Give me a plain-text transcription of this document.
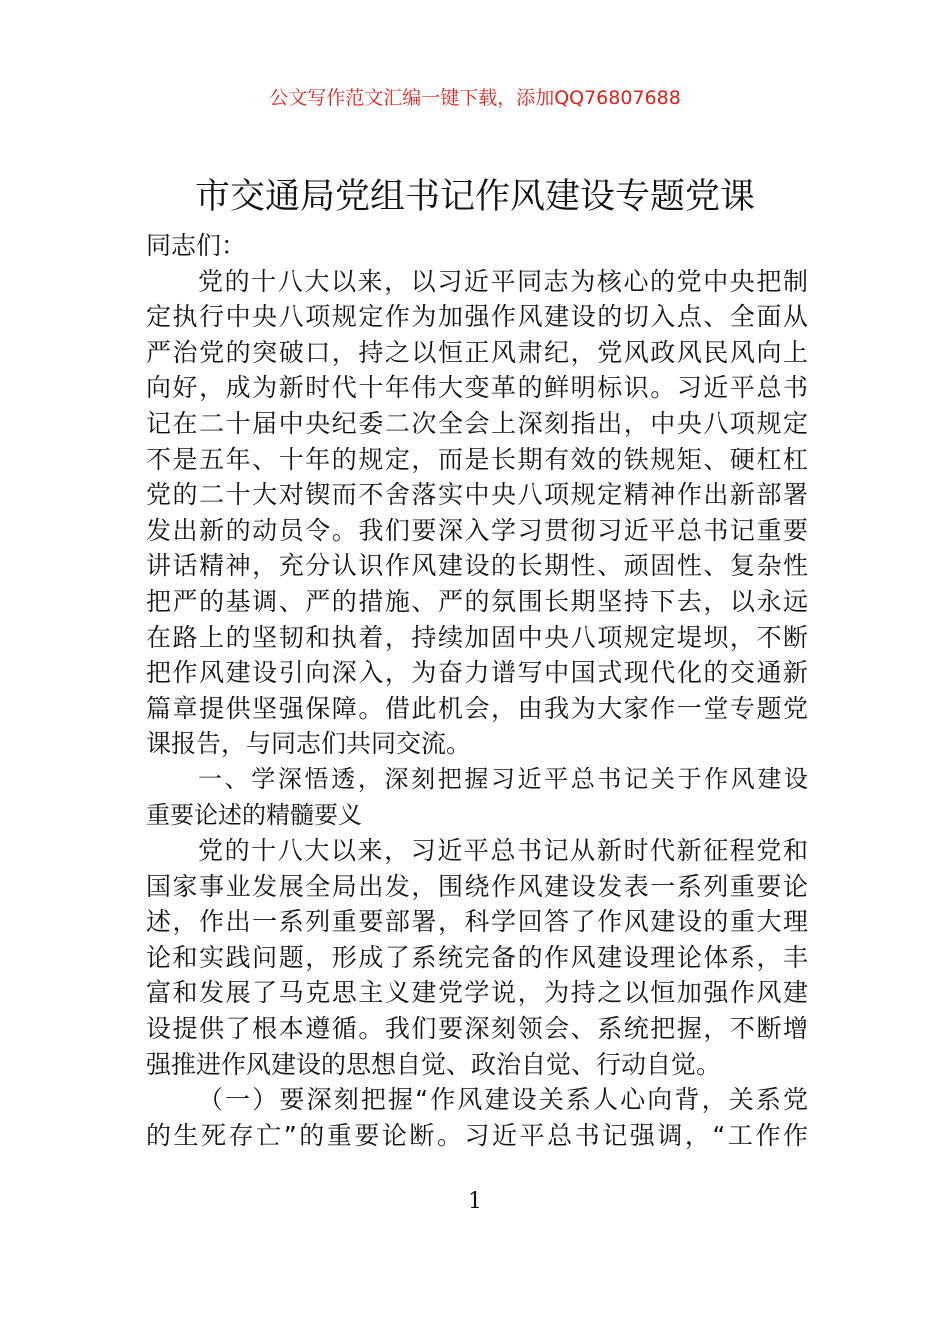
公文写作范文汇编一键下载，添加QQ76807688
市交通局党组书记作风建设专题党课
同志们：
党的十八大以来，以习近平同志为核心的党中央把制
定执行中央八项规定作为加强作风建设的切入点、全面从
严治党的突破口，持之以恒正风肃纪，党风政风民风向上
向好，成为新时代十年伟大变革的鲜明标识。习近平总书
记在二十届中央纪委二次全会上深刻指出，中央八项规定
不是五年、十年的规定，而是长期有效的铁规矩、硬杠杠
党的二十大对锲而不舍落实中央八项规定精神作出新部署
发出新的动员令。我们要深入学习贯彻习近平总书记重要
讲话精神，充分认识作风建设的长期性、顽固性、复杂性
把严的基调、严的措施、严的氛围长期坚持下去，以永远
在路上的坚韧和执着，持续加固中央八项规定堤坝，不断
把作风建设引向深入，为奋力谱写中国式现代化的交通新
篇章提供坚强保障。借此机会，由我为大家作一堂专题党
课报告，与同志们共同交流。
一、学深悟透，深刻把握习近平总书记关于作风建设
重要论述的精髓要义
党的十八大以来，习近平总书记从新时代新征程党和
国家事业发展全局出发，围绕作风建设发表一系列重要论
述，作出一系列重要部署，科学回答了作风建设的重大理
论和实践问题，形成了系统完备的作风建设理论体系，丰
富和发展了马克思主义建党学说，为持之以恒加强作风建
设提供了根本遵循。我们要深刻领会、系统把握，不断增
强推进作风建设的思想自觉、政治自觉、行动自觉。
（一）要深刻把握“作风建设关系人心向背，关系党
的生死存亡”的重要论断。习近平总书记强调，“工作作
1
